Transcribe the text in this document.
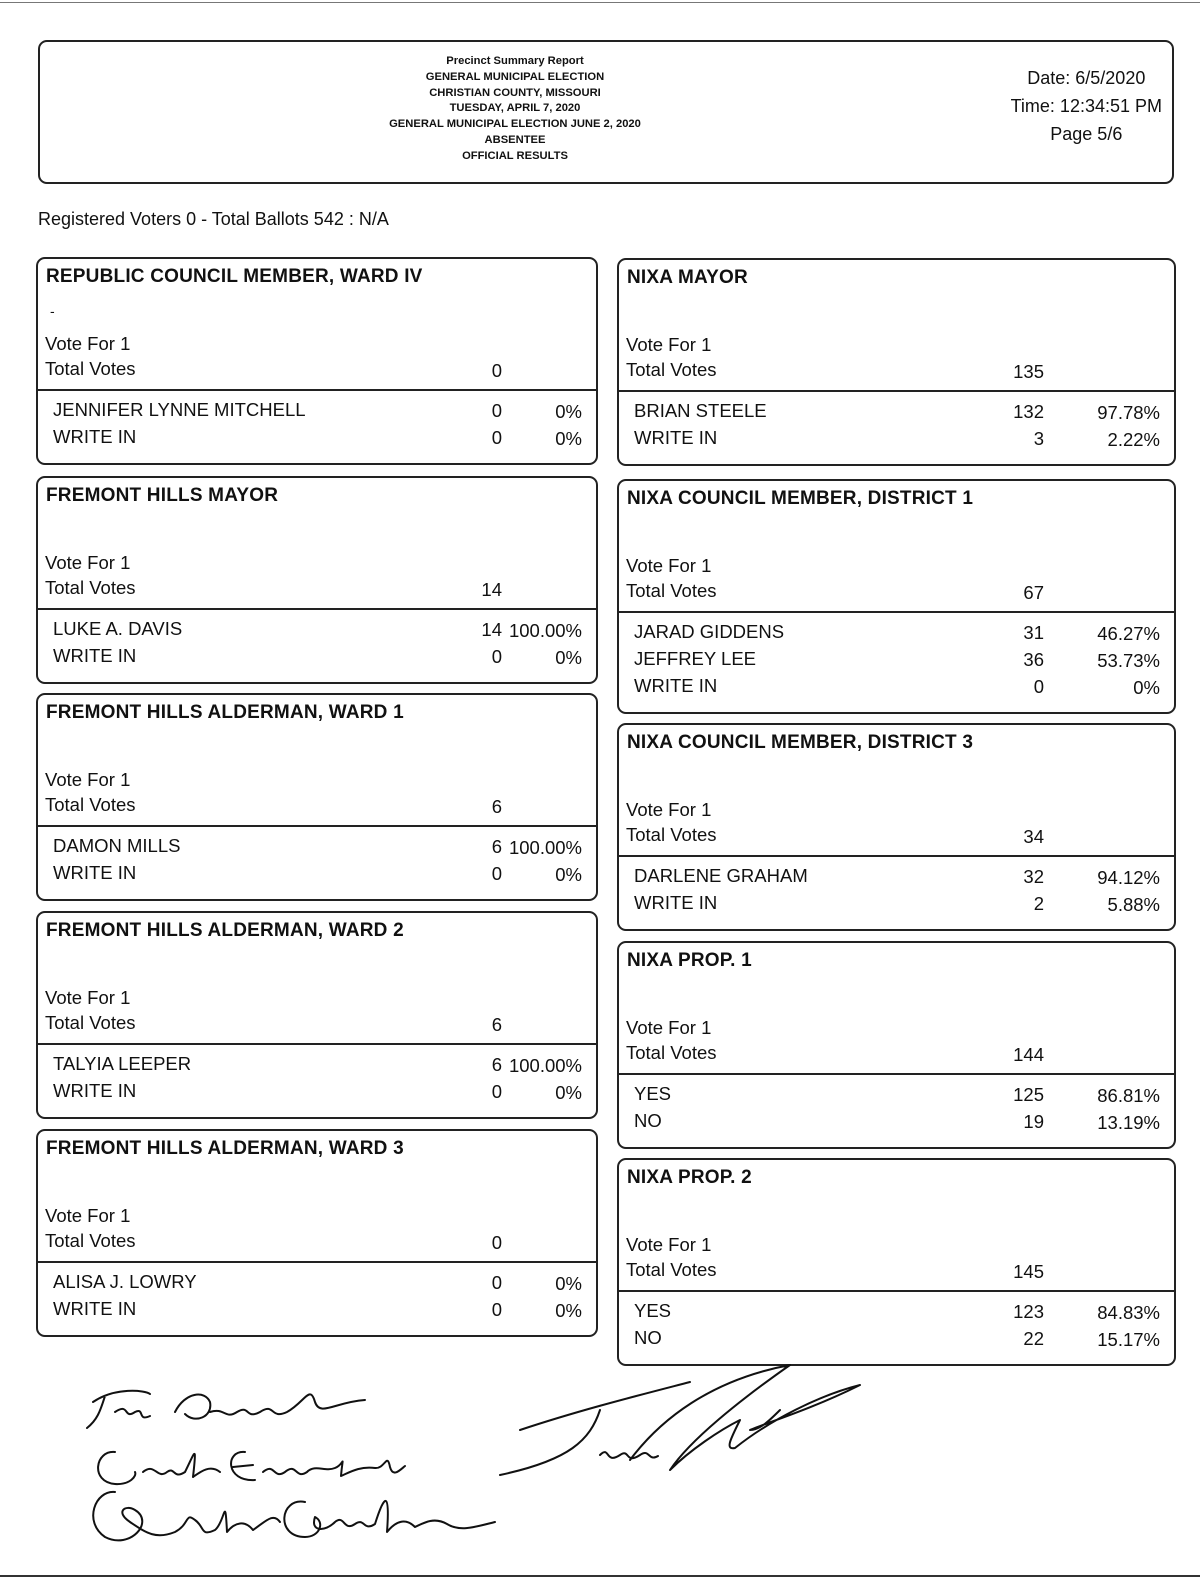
Precinct Summary Report
GENERAL MUNICIPAL ELECTION
CHRISTIAN COUNTY, MISSOURI
TUESDAY, APRIL 7, 2020
GENERAL MUNICIPAL ELECTION JUNE 2, 2020
ABSENTEE
OFFICIAL RESULTS
Date: 6/5/2020
Time: 12:34:51 PM
Page 5/6
Registered Voters 0 - Total Ballots 542 : N/A
REPUBLIC COUNCIL MEMBER, WARD IV
-
Vote For 1
Total Votes	0
JENNIFER LYNNE MITCHELL	0	0%
WRITE IN	0	0%
FREMONT HILLS MAYOR
Vote For 1
Total Votes	14
LUKE A. DAVIS	14 100.00%
WRITE IN	0	0%
FREMONT HILLS ALDERMAN, WARD 1
Vote For 1
Total Votes	6
DAMON MILLS	6 100.00%
WRITE IN	0	0%
FREMONT HILLS ALDERMAN, WARD 2
Vote For 1
Total Votes	6
TALYIA LEEPER	6 100.00%
WRITE IN	0	0%
FREMONT HILLS ALDERMAN, WARD 3
Vote For 1
Total Votes	0
ALISA J. LOWRY	0	0%
WRITE IN	0	0%
NIXA MAYOR
Vote For 1
Total Votes	135
BRIAN STEELE	132	97.78%
WRITE IN	3	2.22%
NIXA COUNCIL MEMBER, DISTRICT 1
Vote For 1
Total Votes	67
JARAD GIDDENS	31	46.27%
JEFFREY LEE	36	53.73%
WRITE IN	0	0%
NIXA COUNCIL MEMBER, DISTRICT 3
Vote For 1
Total Votes	34
DARLENE GRAHAM	32	94.12%
WRITE IN	2	5.88%
NIXA PROP. 1
Vote For 1
Total Votes	144
YES	125	86.81%
NO	19	13.19%
NIXA PROP. 2
Vote For 1
Total Votes	145
YES	123	84.83%
NO	22	15.17%
